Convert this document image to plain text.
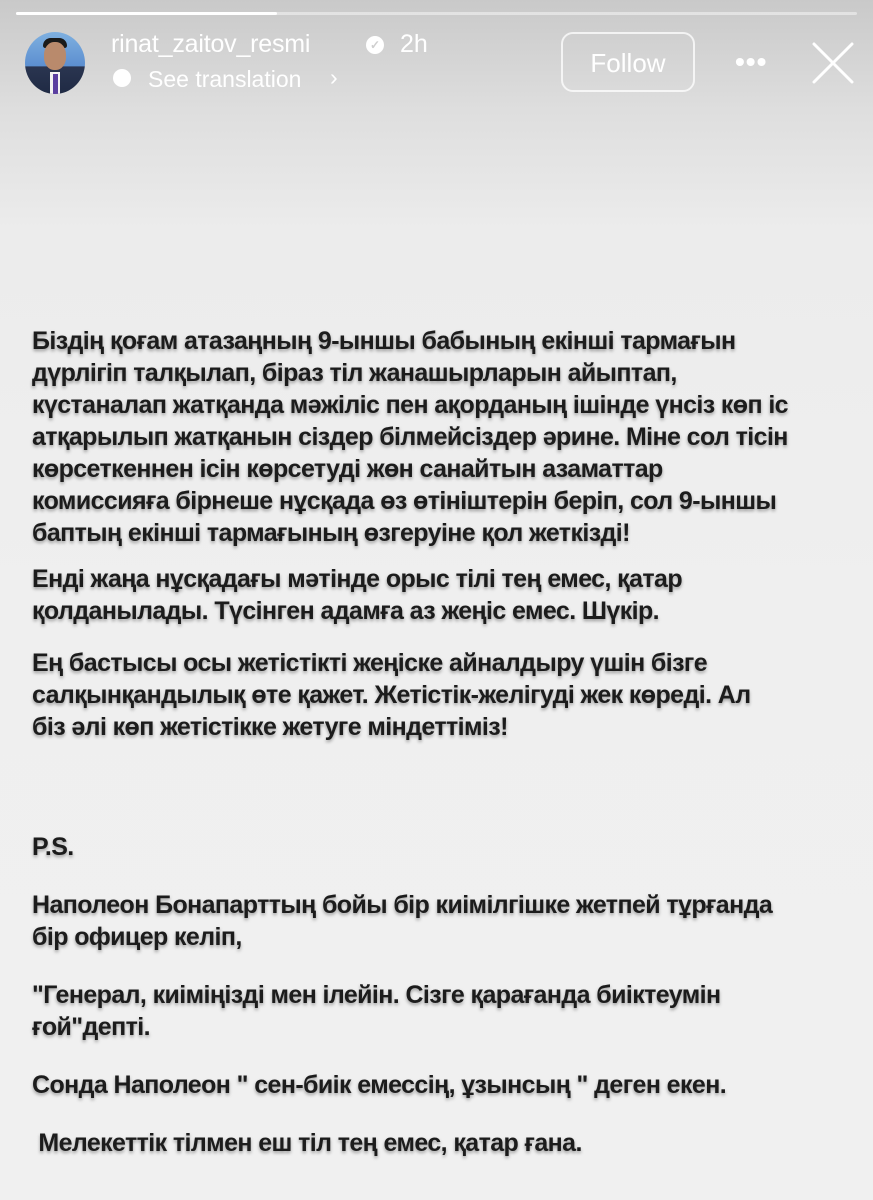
rinat_zaitov_resmi	✓ 2h
See translation ›	Follow	•••
Біздің қоғам атазаңның 9-ыншы бабының екінші тармағын
дүрлігіп талқылап, біраз тіл жанашырларын айыптап,
күстаналап жатқанда мәжіліс пен ақорданың ішінде үнсіз көп іс
атқарылып жатқанын сіздер білмейсіздер әрине. Міне сол тісін
көрсеткеннен ісін көрсетуді жөн санайтын азаматтар
комиссияға бірнеше нұсқада өз өтініштерін беріп, сол 9-ыншы
баптың екінші тармағының өзгеруіне қол жеткізді!
Енді жаңа нұсқадағы мәтінде орыс тілі тең емес, қатар
қолданылады. Түсінген адамға аз жеңіс емес. Шүкір.
Ең бастысы осы жетістікті жеңіске айналдыру үшін бізге
салқынқандылық өте қажет. Жетістік-желігуді жек көреді. Ал
біз әлі көп жетістікке жетуге міндеттіміз!
P.S.
Наполеон Бонапарттың бойы бір киімілгішке жетпей тұрғанда
бір офицер келіп,
"Генерал, киіміңізді мен ілейін. Сізге қарағанда биіктеумін
ғой"депті.
Сонда Наполеон " сен-биік емессің, ұзынсың " деген екен.
Мелекеттік тілмен еш тіл тең емес, қатар ғана.
